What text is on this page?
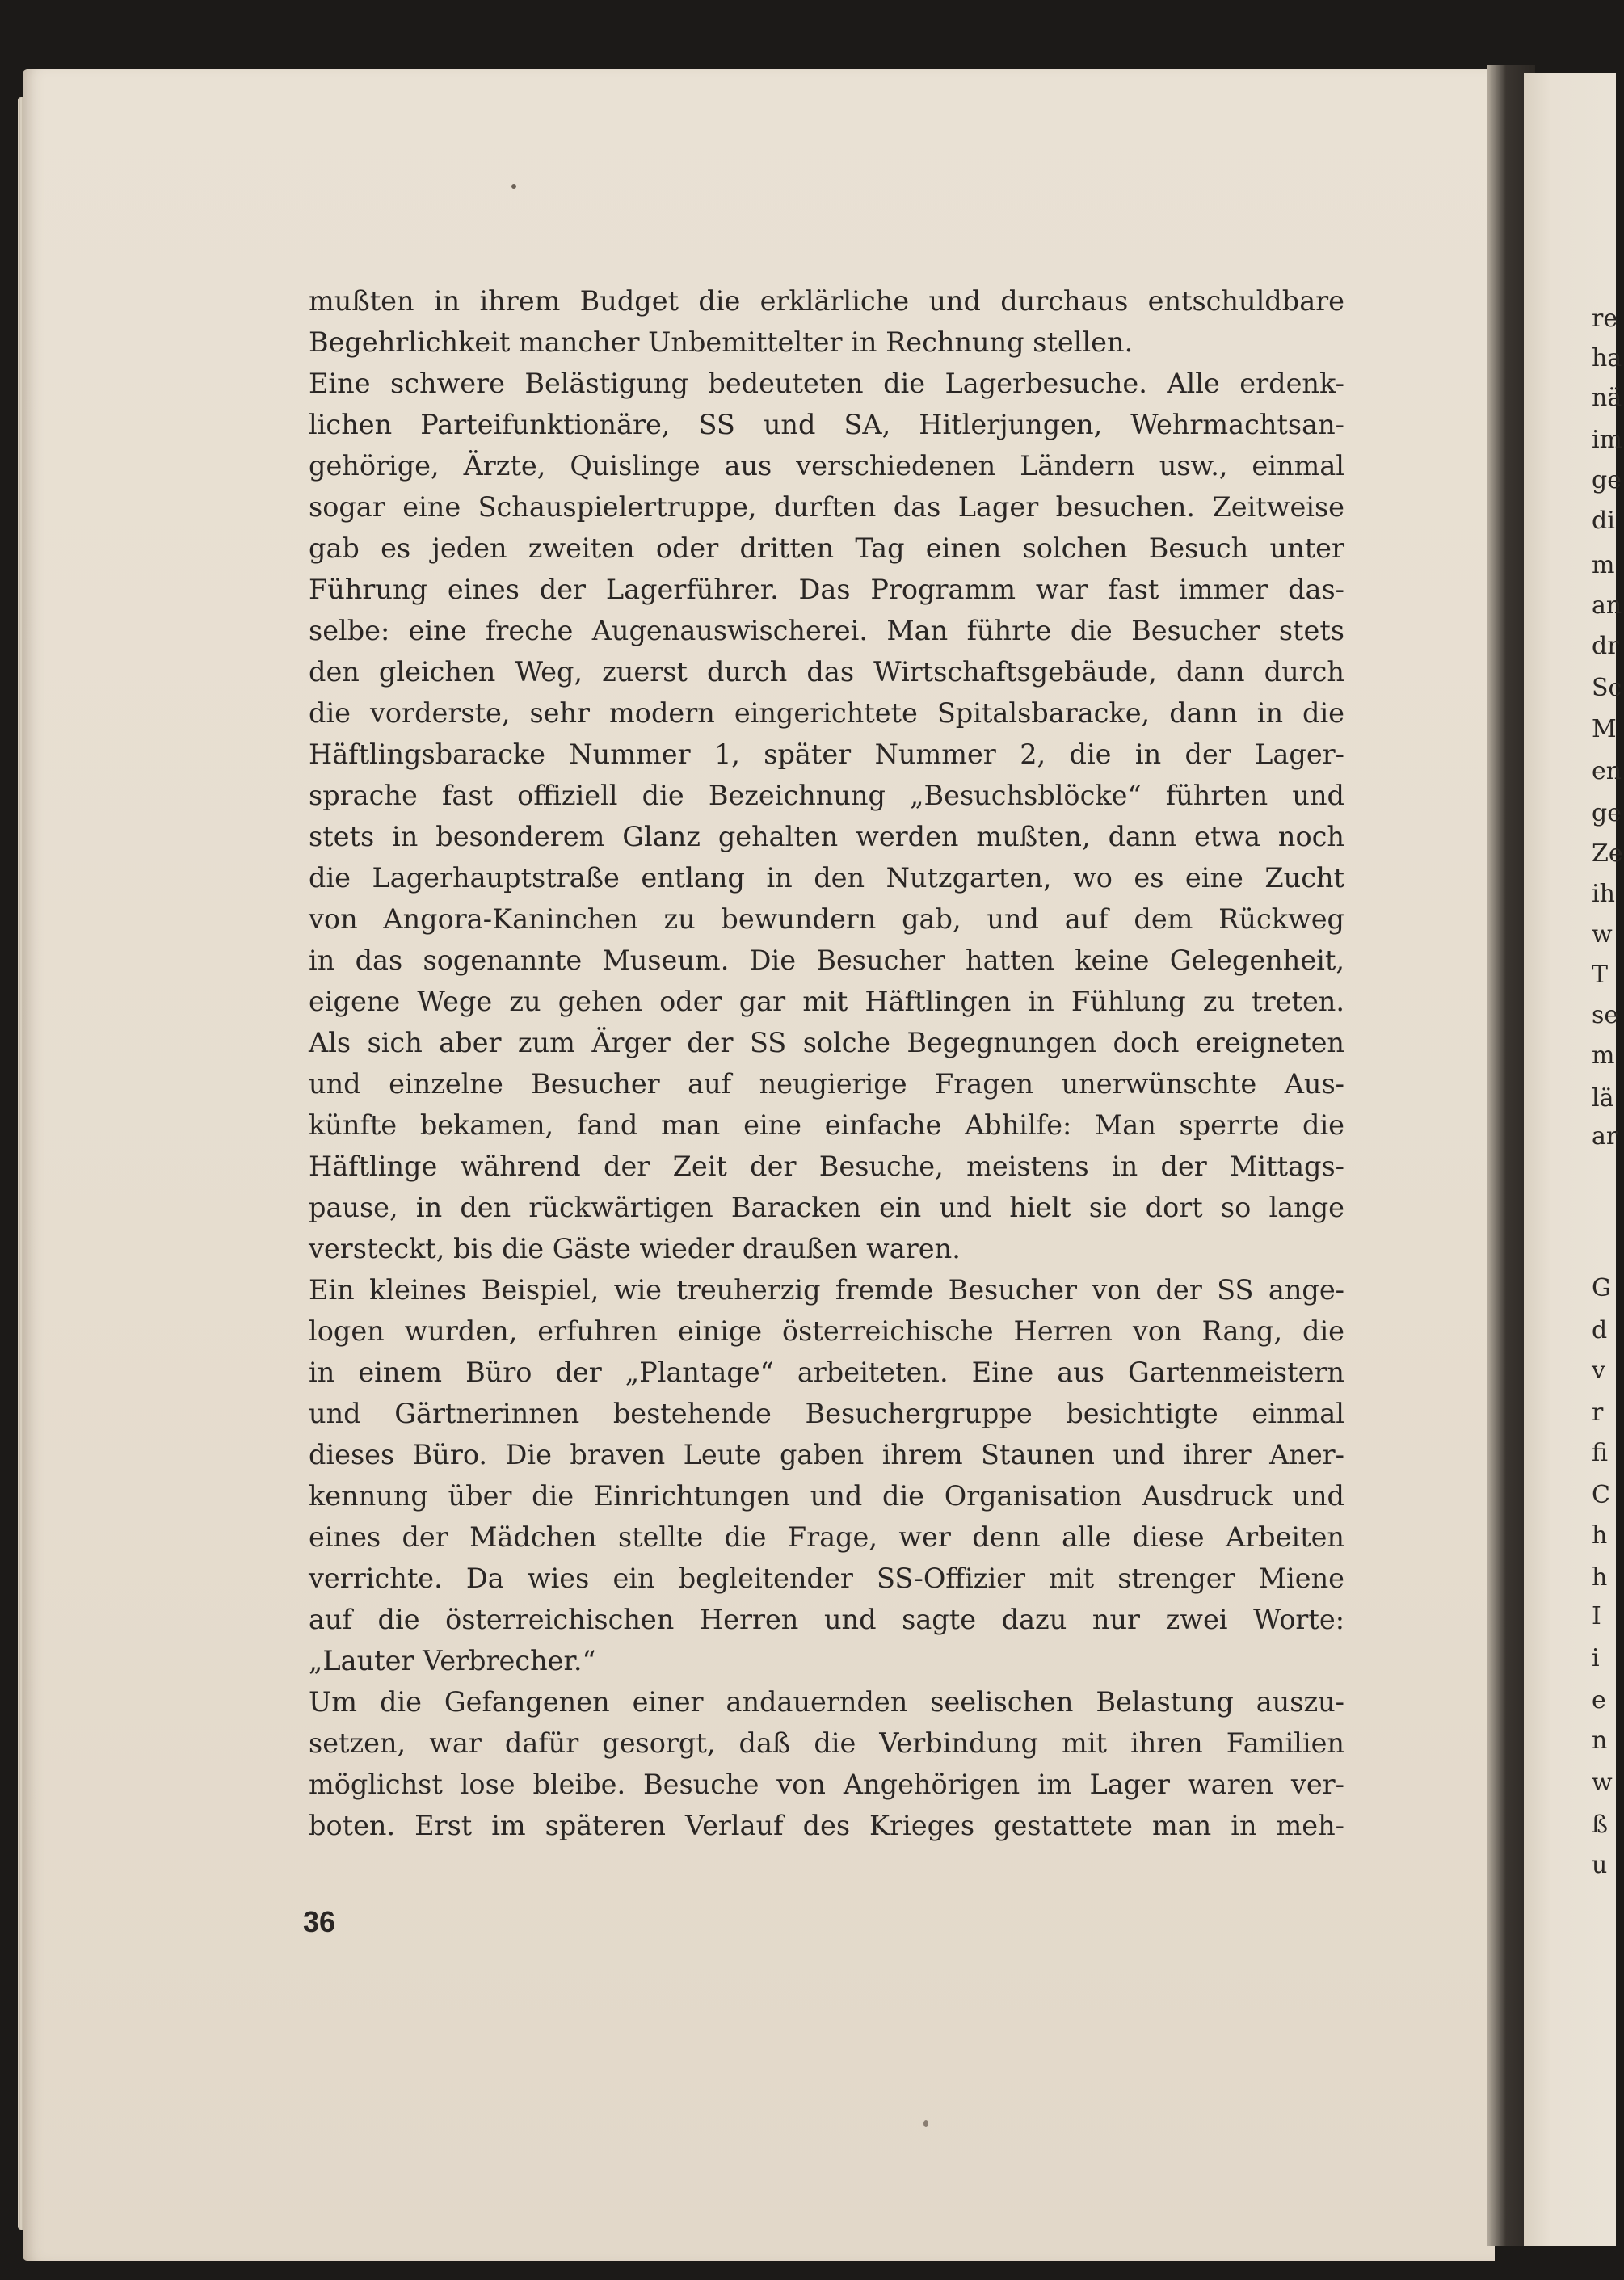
re
ha
nä
im
ge
di
m
an
dr
Sc
M
en
ge
Ze
ih
w
T
se
m
lä
ar
G
d
v
r
fi
C
h
h
I
i
e
n
w
ß
u
mußten in ihrem Budget die erklärliche und durchaus entschuldbare
Begehrlichkeit mancher Unbemittelter in Rechnung stellen.
Eine schwere Belästigung bedeuteten die Lagerbesuche. Alle erdenk-
lichen Parteifunktionäre, SS und SA, Hitlerjungen, Wehrmachtsan-
gehörige, Ärzte, Quislinge aus verschiedenen Ländern usw., einmal
sogar eine Schauspielertruppe, durften das Lager besuchen. Zeitweise
gab es jeden zweiten oder dritten Tag einen solchen Besuch unter
Führung eines der Lagerführer. Das Programm war fast immer das-
selbe: eine freche Augenauswischerei. Man führte die Besucher stets
den gleichen Weg, zuerst durch das Wirtschaftsgebäude, dann durch
die vorderste, sehr modern eingerichtete Spitalsbaracke, dann in die
Häftlingsbaracke Nummer 1, später Nummer 2, die in der Lager-
sprache fast offiziell die Bezeichnung „Besuchsblöcke“ führten und
stets in besonderem Glanz gehalten werden mußten, dann etwa noch
die Lagerhauptstraße entlang in den Nutzgarten, wo es eine Zucht
von Angora-Kaninchen zu bewundern gab, und auf dem Rückweg
in das sogenannte Museum. Die Besucher hatten keine Gelegenheit,
eigene Wege zu gehen oder gar mit Häftlingen in Fühlung zu treten.
Als sich aber zum Ärger der SS solche Begegnungen doch ereigneten
und einzelne Besucher auf neugierige Fragen unerwünschte Aus-
künfte bekamen, fand man eine einfache Abhilfe: Man sperrte die
Häftlinge während der Zeit der Besuche, meistens in der Mittags-
pause, in den rückwärtigen Baracken ein und hielt sie dort so lange
versteckt, bis die Gäste wieder draußen waren.
Ein kleines Beispiel, wie treuherzig fremde Besucher von der SS ange-
logen wurden, erfuhren einige österreichische Herren von Rang, die
in einem Büro der „Plantage“ arbeiteten. Eine aus Gartenmeistern
und Gärtnerinnen bestehende Besuchergruppe besichtigte einmal
dieses Büro. Die braven Leute gaben ihrem Staunen und ihrer Aner-
kennung über die Einrichtungen und die Organisation Ausdruck und
eines der Mädchen stellte die Frage, wer denn alle diese Arbeiten
verrichte. Da wies ein begleitender SS-Offizier mit strenger Miene
auf die österreichischen Herren und sagte dazu nur zwei Worte:
„Lauter Verbrecher.“
Um die Gefangenen einer andauernden seelischen Belastung auszu-
setzen, war dafür gesorgt, daß die Verbindung mit ihren Familien
möglichst lose bleibe. Besuche von Angehörigen im Lager waren ver-
boten. Erst im späteren Verlauf des Krieges gestattete man in meh-
36
